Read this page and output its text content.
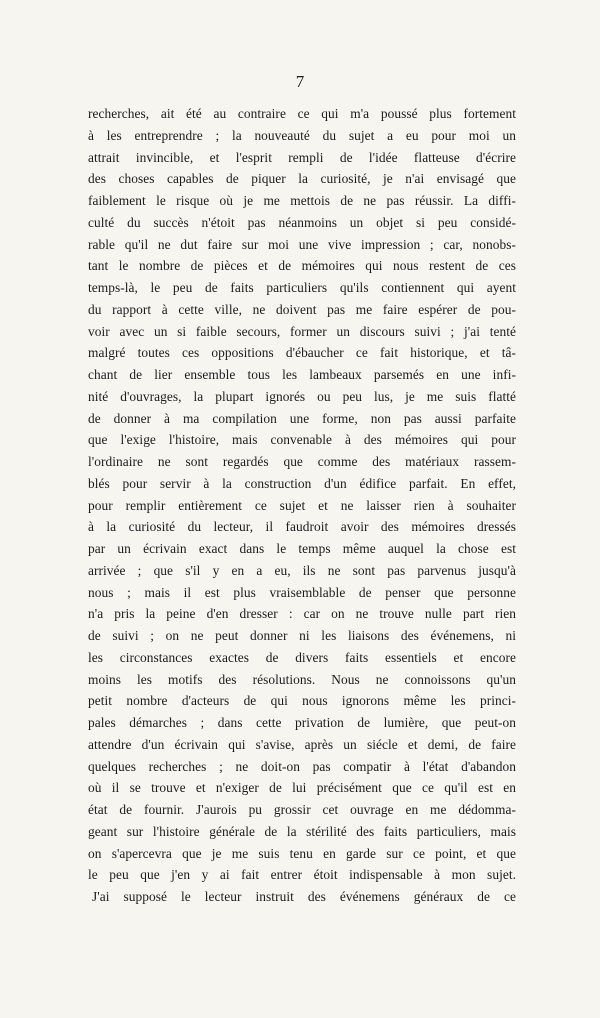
7
recherches, ait été au contraire ce qui m'a poussé plus fortement
à les entreprendre ; la nouveauté du sujet a eu pour moi un
attrait invincible, et l'esprit rempli de l'idée flatteuse d'écrire
des choses capables de piquer la curiosité, je n'ai envisagé que
faiblement le risque où je me mettois de ne pas réussir. La diffi-
culté du succès n'étoit pas néanmoins un objet si peu considé-
rable qu'il ne dut faire sur moi une vive impression ; car, nonobs-
tant le nombre de pièces et de mémoires qui nous restent de ces
temps-là, le peu de faits particuliers qu'ils contiennent qui ayent
du rapport à cette ville, ne doivent pas me faire espérer de pou-
voir avec un si faible secours, former un discours suivi ; j'ai tenté
malgré toutes ces oppositions d'ébaucher ce fait historique, et tâ-
chant de lier ensemble tous les lambeaux parsemés en une infi-
nité d'ouvrages, la plupart ignorés ou peu lus, je me suis flatté
de donner à ma compilation une forme, non pas aussi parfaite
que l'exige l'histoire, mais convenable à des mémoires qui pour
l'ordinaire ne sont regardés que comme des matériaux rassem-
blés pour servir à la construction d'un édifice parfait. En effet,
pour remplir entièrement ce sujet et ne laisser rien à souhaiter
à la curiosité du lecteur, il faudroit avoir des mémoires dressés
par un écrivain exact dans le temps même auquel la chose est
arrivée ; que s'il y en a eu, ils ne sont pas parvenus jusqu'à
nous ; mais il est plus vraisemblable de penser que personne
n'a pris la peine d'en dresser : car on ne trouve nulle part rien
de suivi ; on ne peut donner ni les liaisons des événemens, ni
les circonstances exactes de divers faits essentiels et encore
moins les motifs des résolutions. Nous ne connoissons qu'un
petit nombre d'acteurs de qui nous ignorons même les princi-
pales démarches ; dans cette privation de lumière, que peut-on
attendre d'un écrivain qui s'avise, après un siécle et demi, de faire
quelques recherches ; ne doit-on pas compatir à l'état d'abandon
où il se trouve et n'exiger de lui précisément que ce qu'il est en
état de fournir. J'aurois pu grossir cet ouvrage en me dédomma-
geant sur l'histoire générale de la stérilité des faits particuliers, mais
on s'apercevra que je me suis tenu en garde sur ce point, et que
le peu que j'en y ai fait entrer étoit indispensable à mon sujet.
J'ai supposé le lecteur instruit des événemens généraux de ce
